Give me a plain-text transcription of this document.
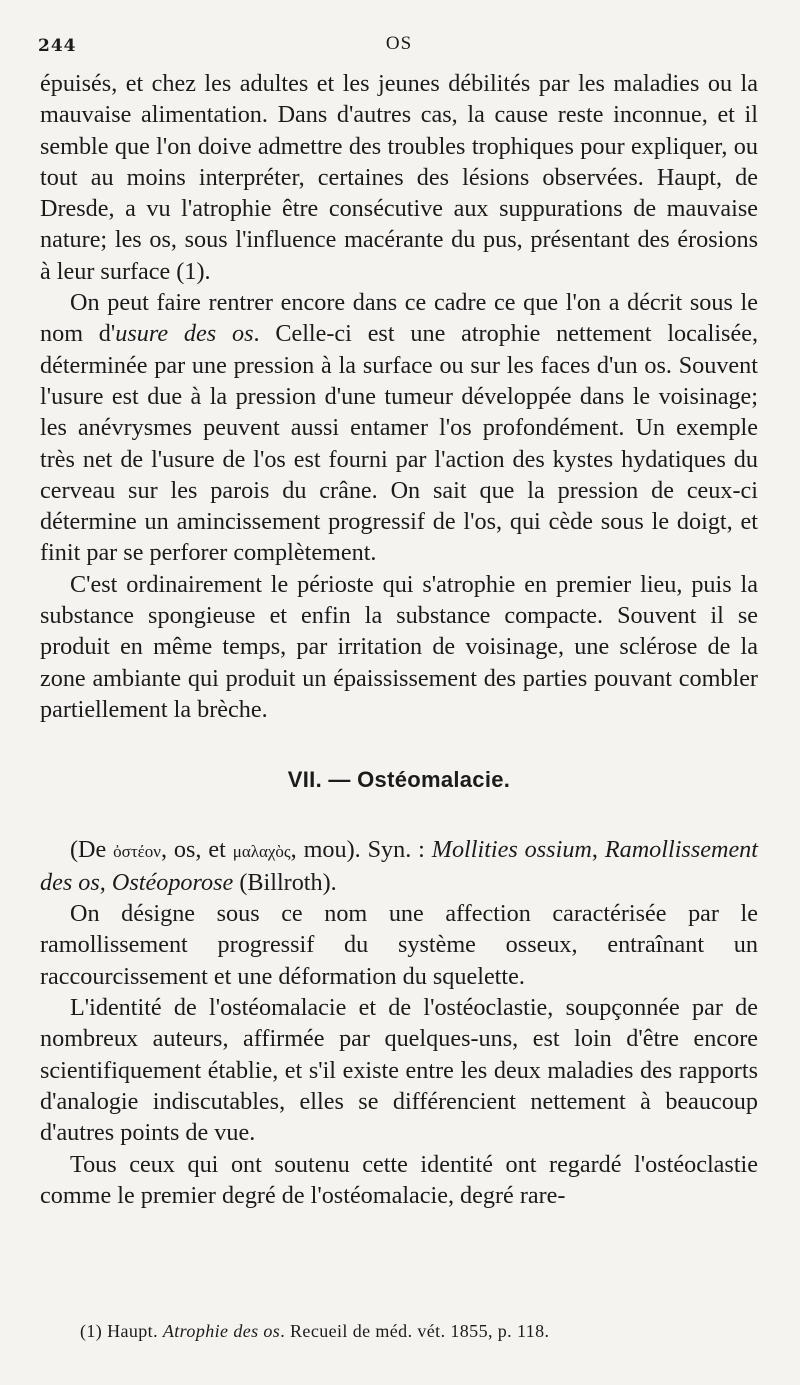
244	OS

épuisés, et chez les adultes et les jeunes débilités par les maladies ou la mauvaise alimentation. Dans d'autres cas, la cause reste inconnue, et il semble que l'on doive admettre des troubles trophiques pour expliquer, ou tout au moins interpréter, certaines des lésions observées. Haupt, de Dresde, a vu l'atrophie être consécutive aux suppurations de mauvaise nature; les os, sous l'influence macérante du pus, présentant des érosions à leur surface (1).

On peut faire rentrer encore dans ce cadre ce que l'on a décrit sous le nom d'usure des os. Celle-ci est une atrophie nettement localisée, déterminée par une pression à la surface ou sur les faces d'un os. Souvent l'usure est due à la pression d'une tumeur développée dans le voisinage; les anévrysmes peuvent aussi entamer l'os profondément. Un exemple très net de l'usure de l'os est fourni par l'action des kystes hydatiques du cerveau sur les parois du crâne. On sait que la pression de ceux-ci détermine un amincissement progressif de l'os, qui cède sous le doigt, et finit par se perforer complètement.

C'est ordinairement le périoste qui s'atrophie en premier lieu, puis la substance spongieuse et enfin la substance compacte. Souvent il se produit en même temps, par irritation de voisinage, une sclérose de la zone ambiante qui produit un épaississement des parties pouvant combler partiellement la brèche.

VII. — Ostéomalacie.

(De ὀστέον, os, et μαλαχὸς, mou). Syn. : Mollities ossium, Ramollissement des os, Ostéoporose (Billroth).

On désigne sous ce nom une affection caractérisée par le ramollissement progressif du système osseux, entraînant un raccourcissement et une déformation du squelette.

L'identité de l'ostéomalacie et de l'ostéoclastie, soupçonnée par de nombreux auteurs, affirmée par quelques-uns, est loin d'être encore scientifiquement établie, et s'il existe entre les deux maladies des rapports d'analogie indiscutables, elles se différencient nettement à beaucoup d'autres points de vue.

Tous ceux qui ont soutenu cette identité ont regardé l'ostéoclastie comme le premier degré de l'ostéomalacie, degré rare-

(1) Haupt. Atrophie des os. Recueil de méd. vét. 1855, p. 118.
